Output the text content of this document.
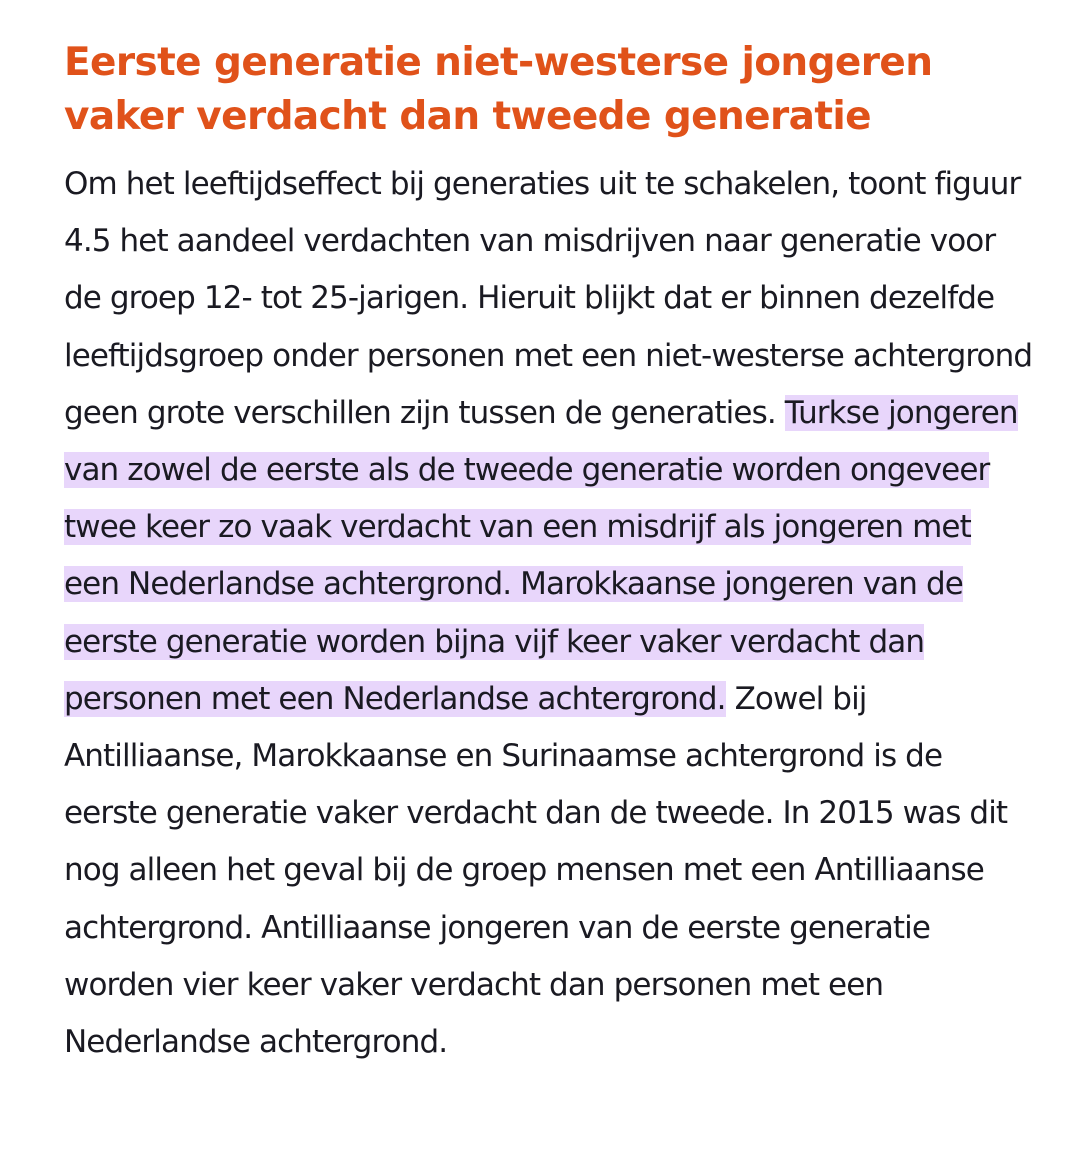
Eerste generatie niet-westerse jongeren vaker verdacht dan tweede generatie

Om het leeftijdseffect bij generaties uit te schakelen, toont figuur 4.5 het aandeel verdachten van misdrijven naar generatie voor de groep 12- tot 25-jarigen. Hieruit blijkt dat er binnen dezelfde leeftijdsgroep onder personen met een niet-westerse achtergrond geen grote verschillen zijn tussen de generaties. Turkse jongeren van zowel de eerste als de tweede generatie worden ongeveer twee keer zo vaak verdacht van een misdrijf als jongeren met een Nederlandse achtergrond. Marokkaanse jongeren van de eerste generatie worden bijna vijf keer vaker verdacht dan personen met een Nederlandse achtergrond. Zowel bij Antilliaanse, Marokkaanse en Surinaamse achtergrond is de eerste generatie vaker verdacht dan de tweede. In 2015 was dit nog alleen het geval bij de groep mensen met een Antilliaanse achtergrond. Antilliaanse jongeren van de eerste generatie worden vier keer vaker verdacht dan personen met een Nederlandse achtergrond.
